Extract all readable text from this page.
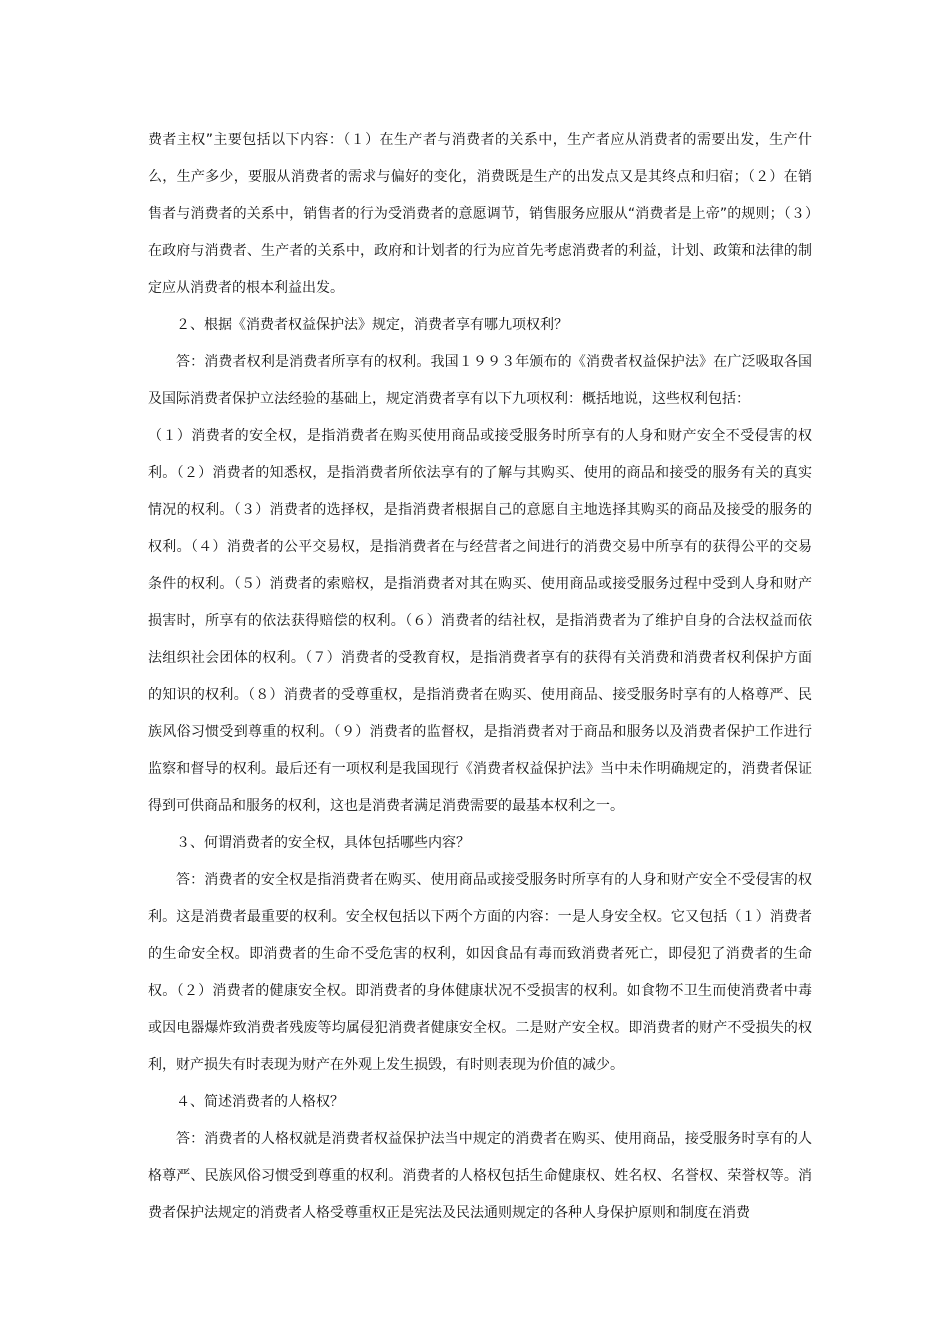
费者主权”主要包括以下内容：（１）在生产者与消费者的关系中，生产者应从消费者的需要出发，生产什么，生产多少，要服从消费者的需求与偏好的变化，消费既是生产的出发点又是其终点和归宿；（２）在销售者与消费者的关系中，销售者的行为受消费者的意愿调节，销售服务应服从“消费者是上帝”的规则；（３）在政府与消费者、生产者的关系中，政府和计划者的行为应首先考虑消费者的利益，计划、政策和法律的制定应从消费者的根本利益出发。

２、根据《消费者权益保护法》规定，消费者享有哪九项权利？

答：消费者权利是消费者所享有的权利。我国１９９３年颁布的《消费者权益保护法》在广泛吸取各国及国际消费者保护立法经验的基础上，规定消费者享有以下九项权利：概括地说，这些权利包括：

（１）消费者的安全权，是指消费者在购买使用商品或接受服务时所享有的人身和财产安全不受侵害的权利。（２）消费者的知悉权，是指消费者所依法享有的了解与其购买、使用的商品和接受的服务有关的真实情况的权利。（３）消费者的选择权，是指消费者根据自己的意愿自主地选择其购买的商品及接受的服务的权利。（４）消费者的公平交易权，是指消费者在与经营者之间进行的消费交易中所享有的获得公平的交易条件的权利。（５）消费者的索赔权，是指消费者对其在购买、使用商品或接受服务过程中受到人身和财产损害时，所享有的依法获得赔偿的权利。（６）消费者的结社权，是指消费者为了维护自身的合法权益而依法组织社会团体的权利。（７）消费者的受教育权，是指消费者享有的获得有关消费和消费者权利保护方面的知识的权利。（８）消费者的受尊重权，是指消费者在购买、使用商品、接受服务时享有的人格尊严、民族风俗习惯受到尊重的权利。（９）消费者的监督权，是指消费者对于商品和服务以及消费者保护工作进行监察和督导的权利。最后还有一项权利是我国现行《消费者权益保护法》当中未作明确规定的，消费者保证得到可供商品和服务的权利，这也是消费者满足消费需要的最基本权利之一。

３、何谓消费者的安全权，具体包括哪些内容？

答：消费者的安全权是指消费者在购买、使用商品或接受服务时所享有的人身和财产安全不受侵害的权利。这是消费者最重要的权利。安全权包括以下两个方面的内容：一是人身安全权。它又包括（１）消费者的生命安全权。即消费者的生命不受危害的权利，如因食品有毒而致消费者死亡，即侵犯了消费者的生命权。（２）消费者的健康安全权。即消费者的身体健康状况不受损害的权利。如食物不卫生而使消费者中毒或因电器爆炸致消费者残废等均属侵犯消费者健康安全权。二是财产安全权。即消费者的财产不受损失的权利，财产损失有时表现为财产在外观上发生损毁，有时则表现为价值的减少。

４、简述消费者的人格权？

答：消费者的人格权就是消费者权益保护法当中规定的消费者在购买、使用商品，接受服务时享有的人格尊严、民族风俗习惯受到尊重的权利。消费者的人格权包括生命健康权、姓名权、名誉权、荣誉权等。消费者保护法规定的消费者人格受尊重权正是宪法及民法通则规定的各种人身保护原则和制度在消费
